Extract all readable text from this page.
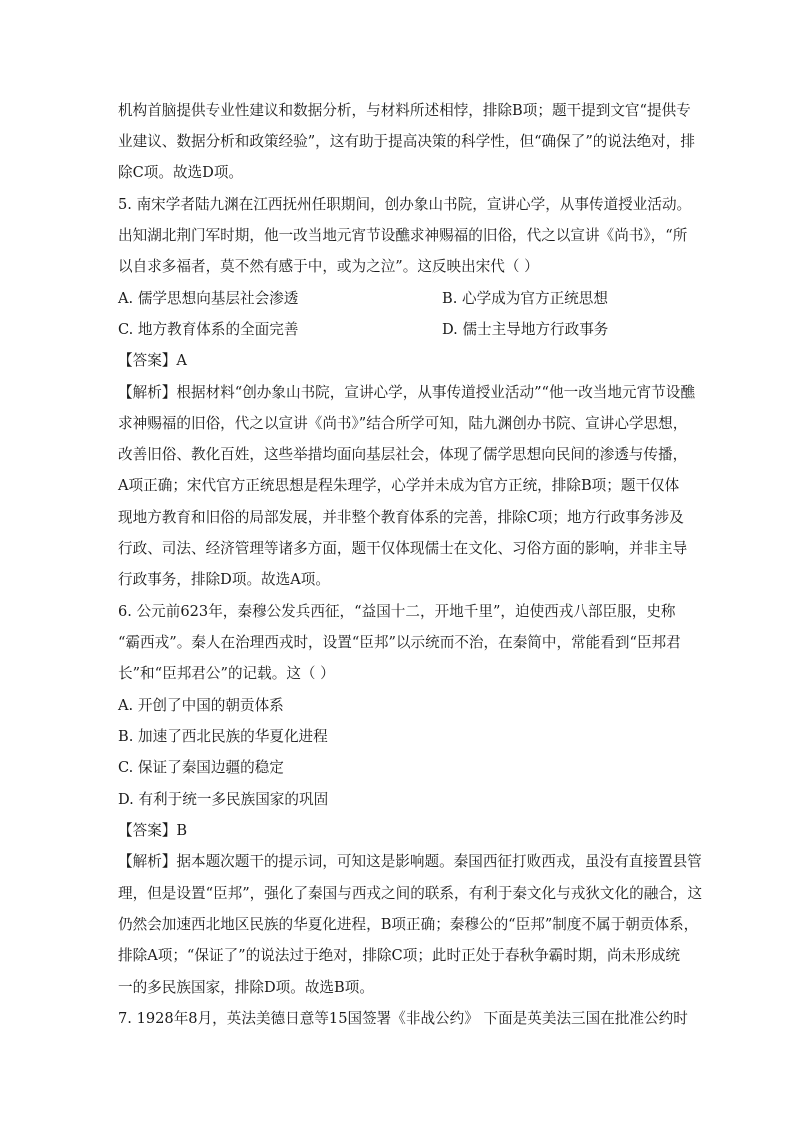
机构首脑提供专业性建议和数据分析，与材料所述相悖，排除B项；题干提到文官“提供专
业建议、数据分析和政策经验”，这有助于提高决策的科学性，但“确保了”的说法绝对，排
除C项。故选D项。
5. 南宋学者陆九渊在江西抚州任职期间，创办象山书院，宣讲心学，从事传道授业活动。
出知湖北荆门军时期，他一改当地元宵节设醮求神赐福的旧俗，代之以宣讲《尚书》，“所
以自求多福者，莫不然有感于中，或为之泣”。这反映出宋代（ ）
A. 儒学思想向基层社会渗透	B. 心学成为官方正统思想
C. 地方教育体系的全面完善	D. 儒士主导地方行政事务
【答案】A
【解析】根据材料“创办象山书院，宣讲心学，从事传道授业活动”“他一改当地元宵节设醮
求神赐福的旧俗，代之以宣讲《尚书》”结合所学可知，陆九渊创办书院、宣讲心学思想，
改善旧俗、教化百姓，这些举措均面向基层社会，体现了儒学思想向民间的渗透与传播，
A项正确；宋代官方正统思想是程朱理学，心学并未成为官方正统，排除B项；题干仅体
现地方教育和旧俗的局部发展，并非整个教育体系的完善，排除C项；地方行政事务涉及
行政、司法、经济管理等诸多方面，题干仅体现儒士在文化、习俗方面的影响，并非主导
行政事务，排除D项。故选A项。
6. 公元前623年，秦穆公发兵西征，“益国十二，开地千里”，迫使西戎八部臣服，史称
“霸西戎”。秦人在治理西戎时，设置“臣邦”以示统而不治，在秦简中，常能看到“臣邦君
长”和“臣邦君公”的记载。这（ ）
A. 开创了中国的朝贡体系
B. 加速了西北民族的华夏化进程
C. 保证了秦国边疆的稳定
D. 有利于统一多民族国家的巩固
【答案】B
【解析】据本题次题干的提示词，可知这是影响题。秦国西征打败西戎，虽没有直接置县管
理，但是设置“臣邦”，强化了秦国与西戎之间的联系，有利于秦文化与戎狄文化的融合，这
仍然会加速西北地区民族的华夏化进程，B项正确；秦穆公的“臣邦”制度不属于朝贡体系，
排除A项；“保证了”的说法过于绝对，排除C项；此时正处于春秋争霸时期，尚未形成统
一的多民族国家，排除D项。故选B项。
7. 1928年8月，英法美德日意等15国签署《非战公约》 下面是英美法三国在批准公约时
